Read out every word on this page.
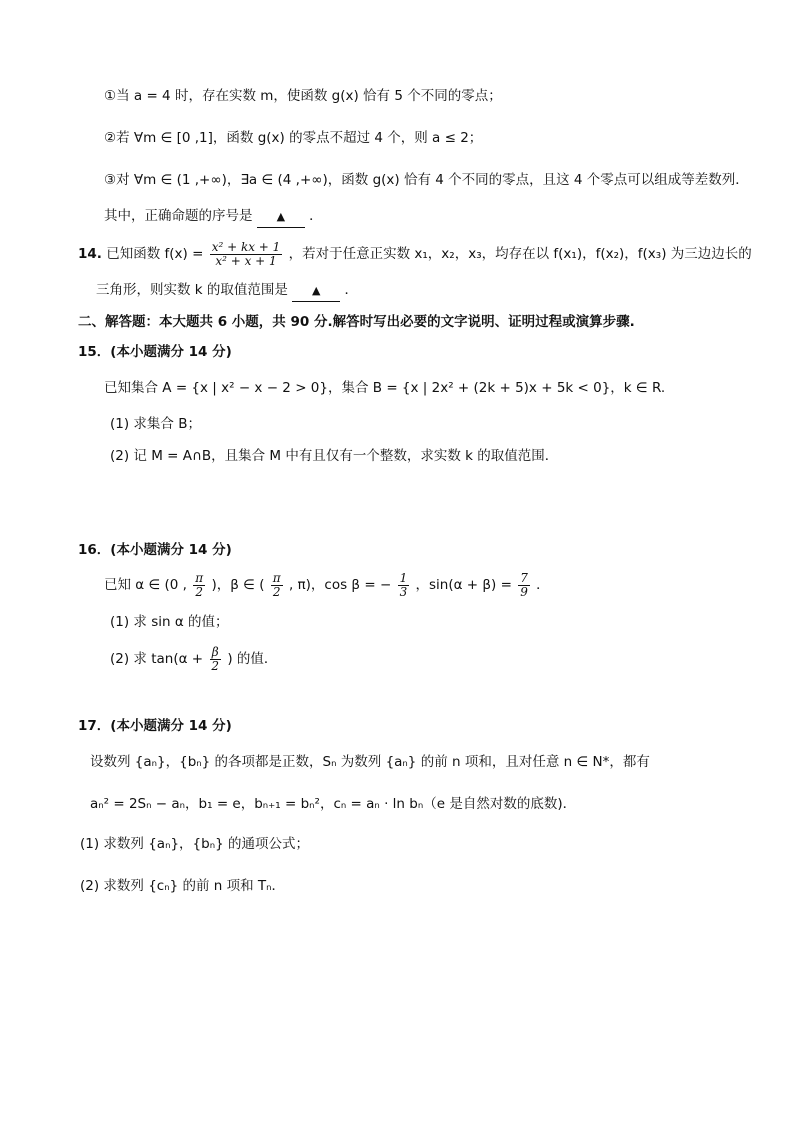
①当 a = 4 时，存在实数 m，使函数 g(x) 恰有 5 个不同的零点；
②若 ∀m ∈ [0 ,1]，函数 g(x) 的零点不超过 4 个，则 a ≤ 2；
③对 ∀m ∈ (1 ,+∞)，∃a ∈ (4 ,+∞)，函数 g(x) 恰有 4 个不同的零点，且这 4 个零点可以组成等差数列．
其中，正确命题的序号是 ▲ ．
14. 已知函数 $f(x) = \frac{\text{x² + kx + 1}}{\text{x² + x + 1}}$ ，若对于任意正实数 x₁，x₂，x₃，均存在以 f(x₁)，f(x₂)，f(x₃) 为三边边长的
三角形，则实数 k 的取值范围是 ▲ ．
二、解答题：本大题共 6 小题，共 90 分.解答时写出必要的文字说明、证明过程或演算步骤.
15．(本小题满分 14 分)
已知集合 A = {x | x² − x − 2 > 0}，集合 B = {x | 2x² + (2k + 5)x + 5k < 0}，k ∈ R.
(1) 求集合 B；
(2) 记 M = A∩B，且集合 M 中有且仅有一个整数，求实数 k 的取值范围．
16．(本小题满分 14 分)
已知 α ∈ (0 , $\frac{\pi}{2}$ )，β ∈ ( $\frac{\pi}{2}$ , π)，cos β = − $\frac{1}{3}$ ，$\sin(\alpha + \beta) = \frac{7}{9}$ ．
(1) 求 sin α 的值；
(2) 求 $\tan(\alpha + \frac{\beta}{2}$ ) 的值．
17．(本小题满分 14 分)
设数列 {aₙ}，{bₙ} 的各项都是正数，Sₙ 为数列 {aₙ} 的前 n 项和，且对任意 n ∈ N*，都有
aₙ² = 2Sₙ − aₙ，b₁ = e，bₙ₊₁ = bₙ²，cₙ = aₙ · ln bₙ（e 是自然对数的底数)．
(1) 求数列 {aₙ}，{bₙ} 的通项公式；
(2) 求数列 {cₙ} 的前 n 项和 Tₙ．
